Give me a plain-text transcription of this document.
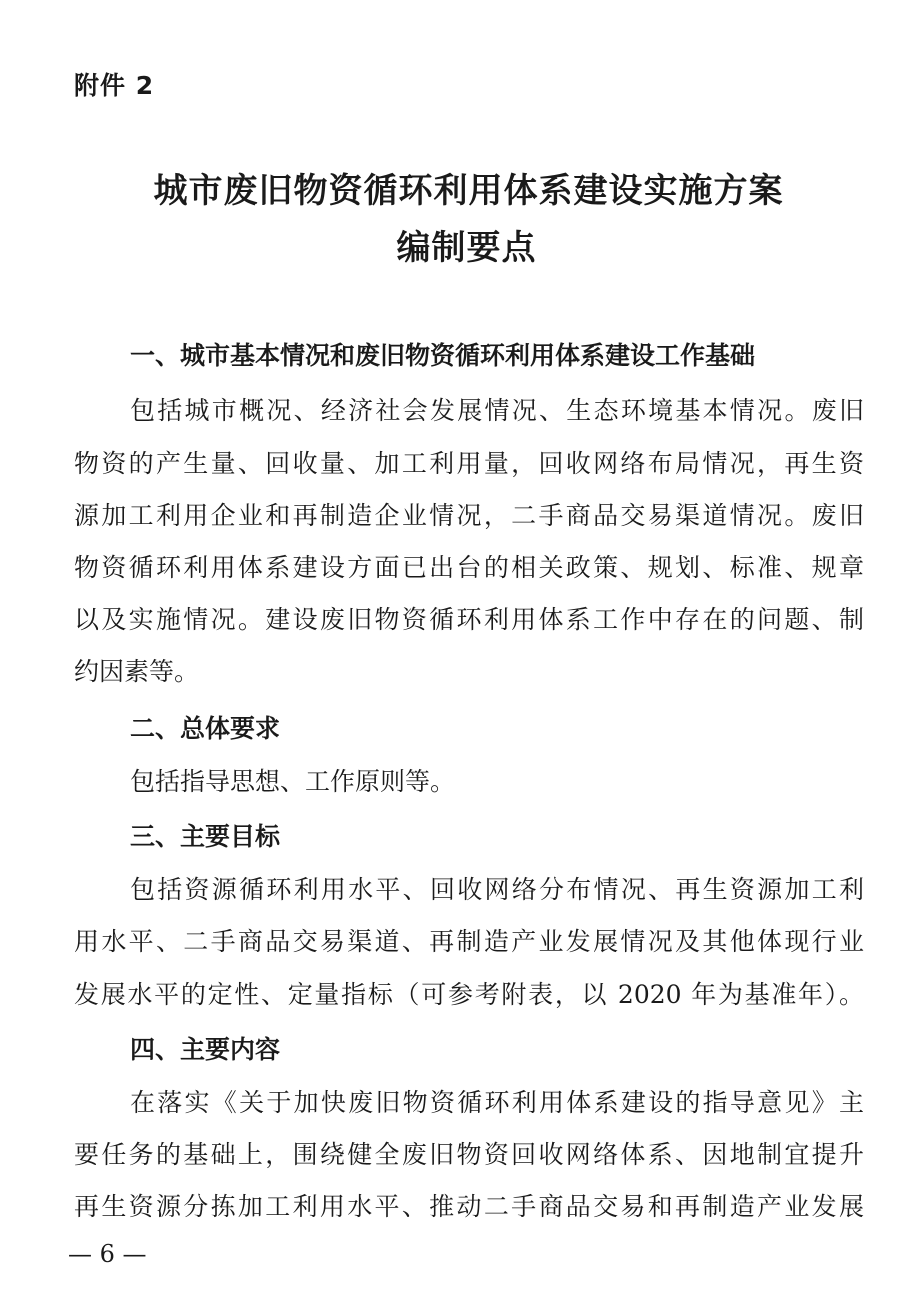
附件 2
城市废旧物资循环利用体系建设实施方案
编制要点
一、城市基本情况和废旧物资循环利用体系建设工作基础
包括城市概况、经济社会发展情况、生态环境基本情况。废旧
物资的产生量、回收量、加工利用量，回收网络布局情况，再生资
源加工利用企业和再制造企业情况，二手商品交易渠道情况。废旧
物资循环利用体系建设方面已出台的相关政策、规划、标准、规章
以及实施情况。建设废旧物资循环利用体系工作中存在的问题、制
约因素等。
二、总体要求
包括指导思想、工作原则等。
三、主要目标
包括资源循环利用水平、回收网络分布情况、再生资源加工利
用水平、二手商品交易渠道、再制造产业发展情况及其他体现行业
发展水平的定性、定量指标（可参考附表，以 2020 年为基准年）。
四、主要内容
在落实《关于加快废旧物资循环利用体系建设的指导意见》主
要任务的基础上，围绕健全废旧物资回收网络体系、因地制宜提升
再生资源分拣加工利用水平、推动二手商品交易和再制造产业发展
— 6 —
